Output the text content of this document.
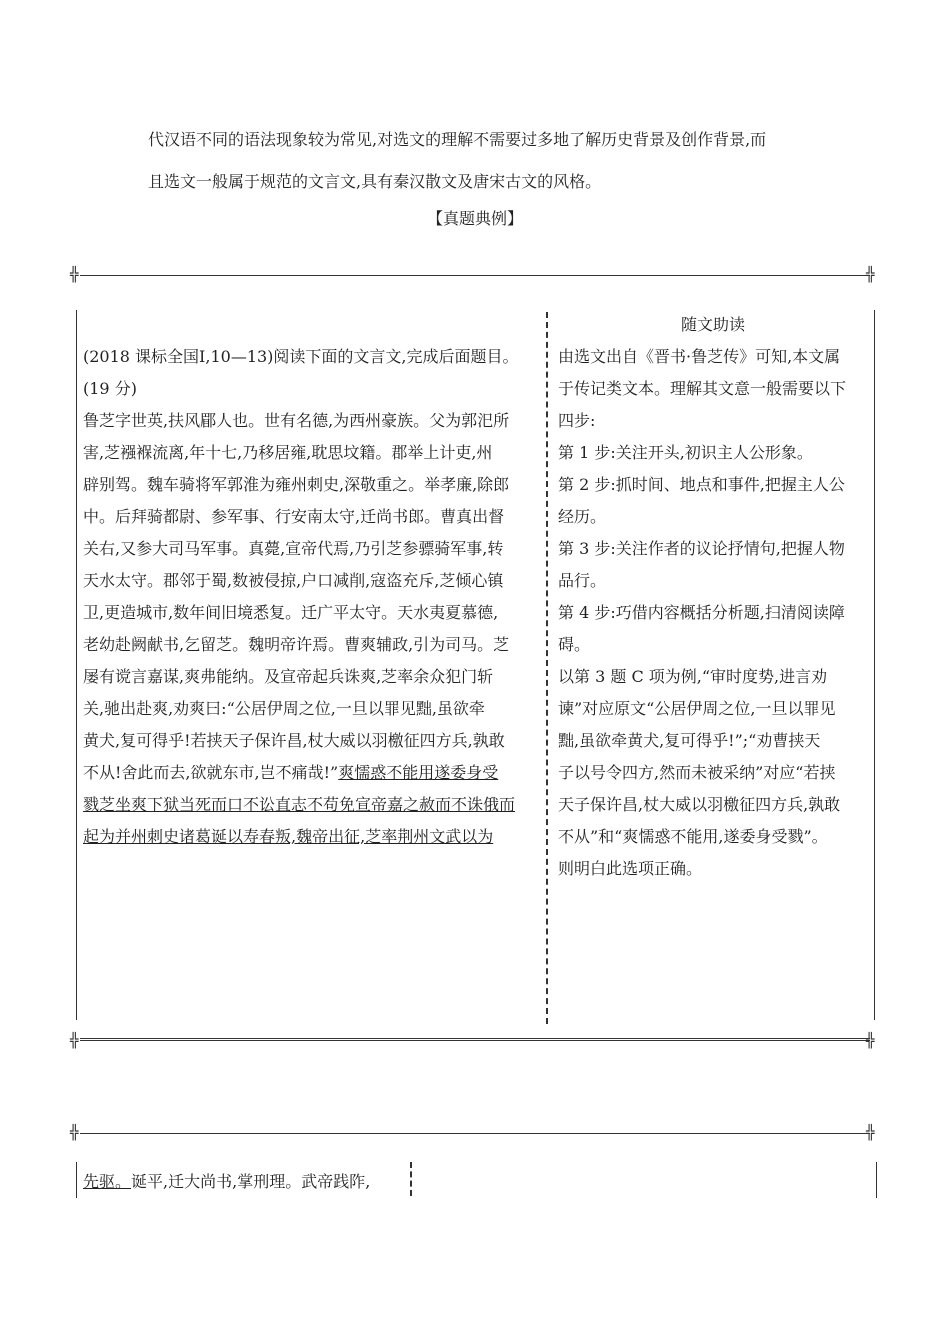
代汉语不同的语法现象较为常见,对选文的理解不需要过多地了解历史背景及创作背景,而
且选文一般属于规范的文言文,具有秦汉散文及唐宋古文的风格。
【真题典例】
╬	╬
╬	╬
(2018 课标全国Ⅰ,10—13)阅读下面的文言文,完成后面题目。
(19 分)
鲁芝字世英,扶风郿人也。世有名德,为西州豪族。父为郭汜所
害,芝襁褓流离,年十七,乃移居雍,耽思坟籍。郡举上计吏,州
辟别驾。魏车骑将军郭淮为雍州刺史,深敬重之。举孝廉,除郎
中。后拜骑都尉、参军事、行安南太守,迁尚书郎。曹真出督
关右,又参大司马军事。真薨,宣帝代焉,乃引芝参骠骑军事,转
天水太守。郡邻于蜀,数被侵掠,户口减削,寇盗充斥,芝倾心镇
卫,更造城市,数年间旧境悉复。迁广平太守。天水夷夏慕德,
老幼赴阙献书,乞留芝。魏明帝许焉。曹爽辅政,引为司马。芝
屡有谠言嘉谋,爽弗能纳。及宣帝起兵诛爽,芝率余众犯门斩
关,驰出赴爽,劝爽曰:“公居伊周之位,一旦以罪见黜,虽欲牵
黄犬,复可得乎!若挟天子保许昌,杖大威以羽檄征四方兵,孰敢
不从!舍此而去,欲就东市,岂不痛哉!”爽懦惑不能用遂委身受
戮芝坐爽下狱当死而口不讼直志不苟免宣帝嘉之赦而不诛俄而
起为并州刺史诸葛诞以寿春叛,魏帝出征,芝率荆州文武以为
随文助读
由选文出自《晋书·鲁芝传》可知,本文属
于传记类文本。理解其文意一般需要以下
四步:
第 1 步:关注开头,初识主人公形象。
第 2 步:抓时间、地点和事件,把握主人公
经历。
第 3 步:关注作者的议论抒情句,把握人物
品行。
第 4 步:巧借内容概括分析题,扫清阅读障
碍。
以第 3 题 C 项为例,“审时度势,进言劝
谏”对应原文“公居伊周之位,一旦以罪见
黜,虽欲牵黄犬,复可得乎!”;“劝曹挟天
子以号令四方,然而未被采纳”对应“若挟
天子保许昌,杖大威以羽檄征四方兵,孰敢
不从”和“爽懦惑不能用,遂委身受戮”。
则明白此选项正确。
╬	╬
先驱。诞平,迁大尚书,掌刑理。武帝践阼,
